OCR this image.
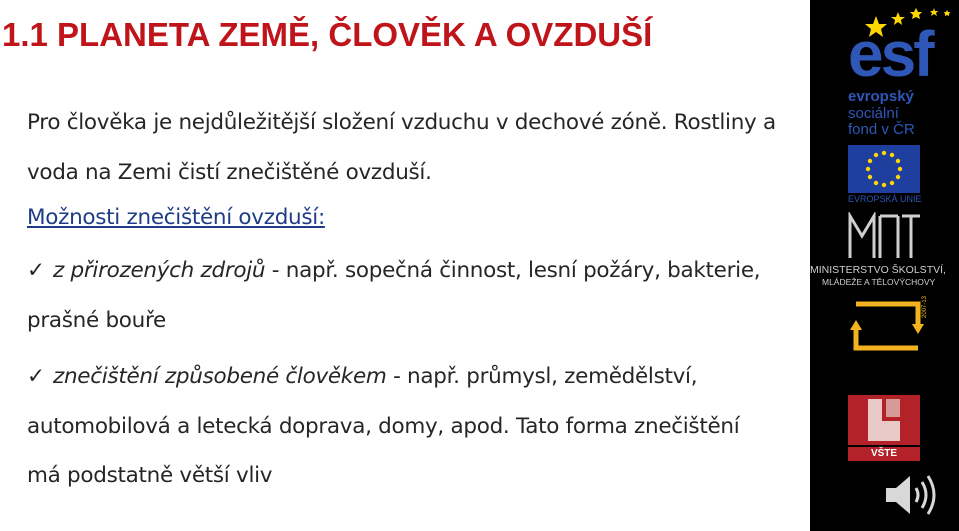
1.1 PLANETA ZEMĚ, ČLOVĚK A OVZDUŠÍ
Pro člověka je nejdůležitější složení vzduchu v dechové zóně. Rostliny a
voda na Zemi čistí znečištěné ovzduší.
Možnosti znečištění ovzduší:
✓ z přirozených zdrojů - např. sopečná činnost, lesní požáry, bakterie,
prašné bouře
✓ znečištění způsobené člověkem - např. průmysl, zemědělství,
automobilová a letecká doprava, domy, apod. Tato forma znečištění
má podstatně větší vliv
esf
evropský
sociální
fond v ČR
EVROPSKÁ UNIE
MINISTERSTVO ŠKOLSTVÍ,
MLÁDEŽE A TĚLOVÝCHOVY
2007-13
VŠTE
